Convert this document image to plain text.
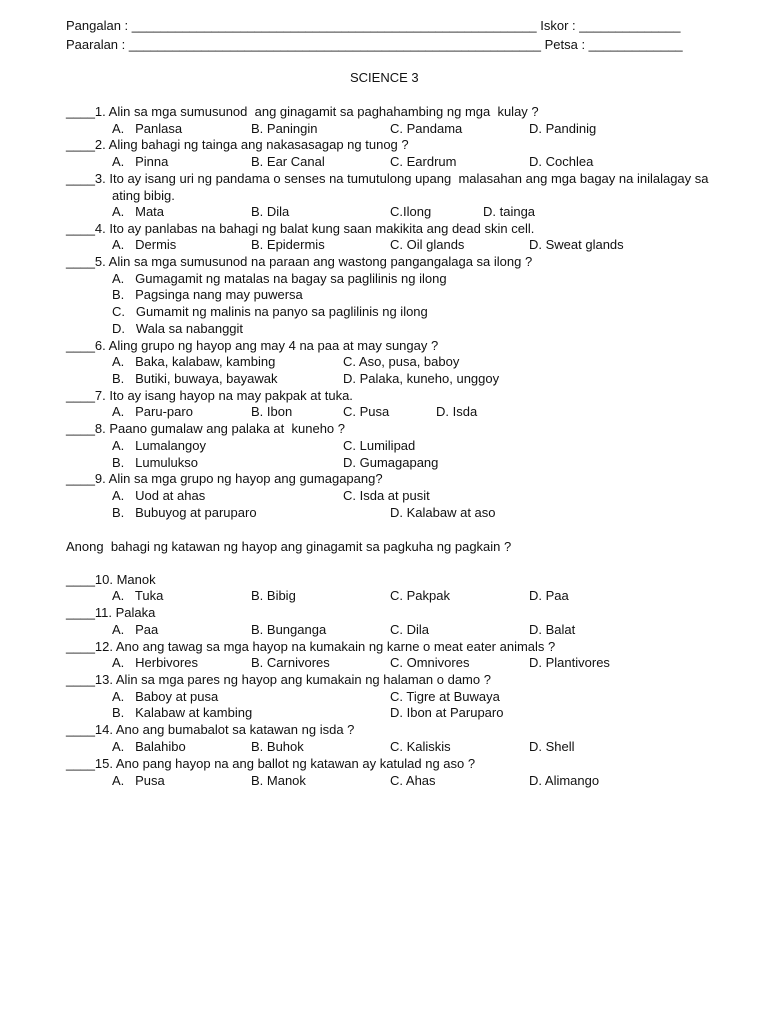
Pangalan : ________________________________________________________ Iskor : ______________
Paaralan : _________________________________________________________ Petsa : _____________
SCIENCE 3
____1. Alin sa mga sumusunod  ang ginagamit sa paghahambing ng mga  kulay ?
A.   Panlasa	B. Paningin	C. Pandama	D. Pandinig
____2. Aling bahagi ng tainga ang nakasasagap ng tunog ?
A.   Pinna	B. Ear Canal	C. Eardrum	D. Cochlea
____3. Ito ay isang uri ng pandama o senses na tumutulong upang  malasahan ang mga bagay na inilalagay sa
ating bibig.
A.   Mata	B. Dila	C.Ilong	D. tainga
____4. Ito ay panlabas na bahagi ng balat kung saan makikita ang dead skin cell.
A.   Dermis	B. Epidermis	C. Oil glands	D. Sweat glands
____5. Alin sa mga sumusunod na paraan ang wastong pangangalaga sa ilong ?
A.   Gumagamit ng matalas na bagay sa paglilinis ng ilong
B.   Pagsinga nang may puwersa
C.   Gumamit ng malinis na panyo sa paglilinis ng ilong
D.   Wala sa nabanggit
____6. Aling grupo ng hayop ang may 4 na paa at may sungay ?
A.   Baka, kalabaw, kambing	C. Aso, pusa, baboy
B.   Butiki, buwaya, bayawak	D. Palaka, kuneho, unggoy
____7. Ito ay isang hayop na may pakpak at tuka.
A.   Paru-paro	B. Ibon	C. Pusa	D. Isda
____8. Paano gumalaw ang palaka at  kuneho ?
A.   Lumalangoy	C. Lumilipad
B.   Lumulukso	D. Gumagapang
____9. Alin sa mga grupo ng hayop ang gumagapang?
A.   Uod at ahas	C. Isda at pusit
B.   Bubuyog at paruparo	D. Kalabaw at aso
Anong  bahagi ng katawan ng hayop ang ginagamit sa pagkuha ng pagkain ?
____10. Manok
A.   Tuka	B. Bibig	C. Pakpak	D. Paa
____11. Palaka
A.   Paa	B. Bunganga	C. Dila	D. Balat
____12. Ano ang tawag sa mga hayop na kumakain ng karne o meat eater animals ?
A.   Herbivores	B. Carnivores	C. Omnivores	D. Plantivores
____13. Alin sa mga pares ng hayop ang kumakain ng halaman o damo ?
A.   Baboy at pusa	C. Tigre at Buwaya
B.   Kalabaw at kambing	D. Ibon at Paruparo
____14. Ano ang bumabalot sa katawan ng isda ?
A.   Balahibo	B. Buhok	C. Kaliskis	D. Shell
____15. Ano pang hayop na ang ballot ng katawan ay katulad ng aso ?
A.   Pusa	B. Manok	C. Ahas	D. Alimango
